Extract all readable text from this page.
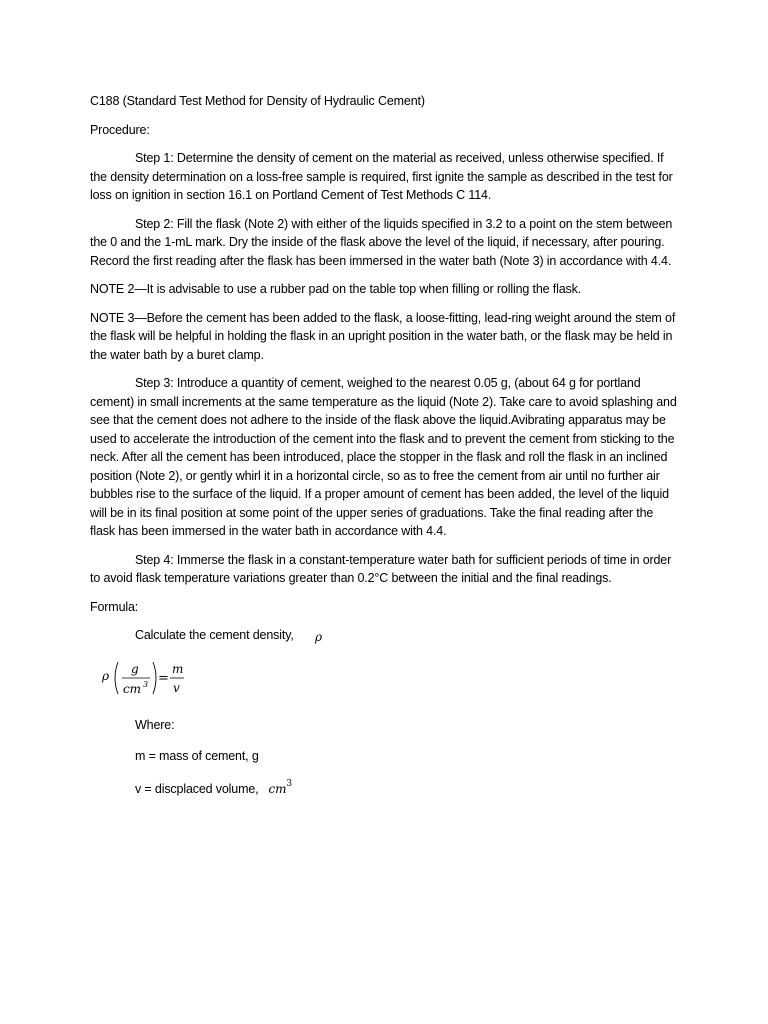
C188 (Standard Test Method for Density of Hydraulic Cement)

Procedure:

Step 1: Determine the density of cement on the material as received, unless otherwise specified. If the density determination on a loss-free sample is required, first ignite the sample as described in the test for loss on ignition in section 16.1 on Portland Cement of Test Methods C 114.

Step 2: Fill the flask (Note 2) with either of the liquids specified in 3.2 to a point on the stem between the 0 and the 1-mL mark. Dry the inside of the flask above the level of the liquid, if necessary, after pouring. Record the first reading after the flask has been immersed in the water bath (Note 3) in accordance with 4.4.

NOTE 2—It is advisable to use a rubber pad on the table top when filling or rolling the flask.

NOTE 3—Before the cement has been added to the flask, a loose-fitting, lead-ring weight around the stem of the flask will be helpful in holding the flask in an upright position in the water bath, or the flask may be held in the water bath by a buret clamp.

Step 3: Introduce a quantity of cement, weighed to the nearest 0.05 g, (about 64 g for portland cement) in small increments at the same temperature as the liquid (Note 2). Take care to avoid splashing and see that the cement does not adhere to the inside of the flask above the liquid.Avibrating apparatus may be used to accelerate the introduction of the cement into the flask and to prevent the cement from sticking to the neck. After all the cement has been introduced, place the stopper in the flask and roll the flask in an inclined position (Note 2), or gently whirl it in a horizontal circle, so as to free the cement from air until no further air bubbles rise to the surface of the liquid. If a proper amount of cement has been added, the level of the liquid will be in its final position at some point of the upper series of graduations. Take the final reading after the flask has been immersed in the water bath in accordance with 4.4.

Step 4: Immerse the flask in a constant-temperature water bath for sufficient periods of time in order to avoid flask temperature variations greater than 0.2°C between the initial and the final readings.

Formula:

Calculate the cement density, ρ
ρ g
cm 3 =
m
v

Where:

m = mass of cement, g

v = discplaced volume, $cm^3$
